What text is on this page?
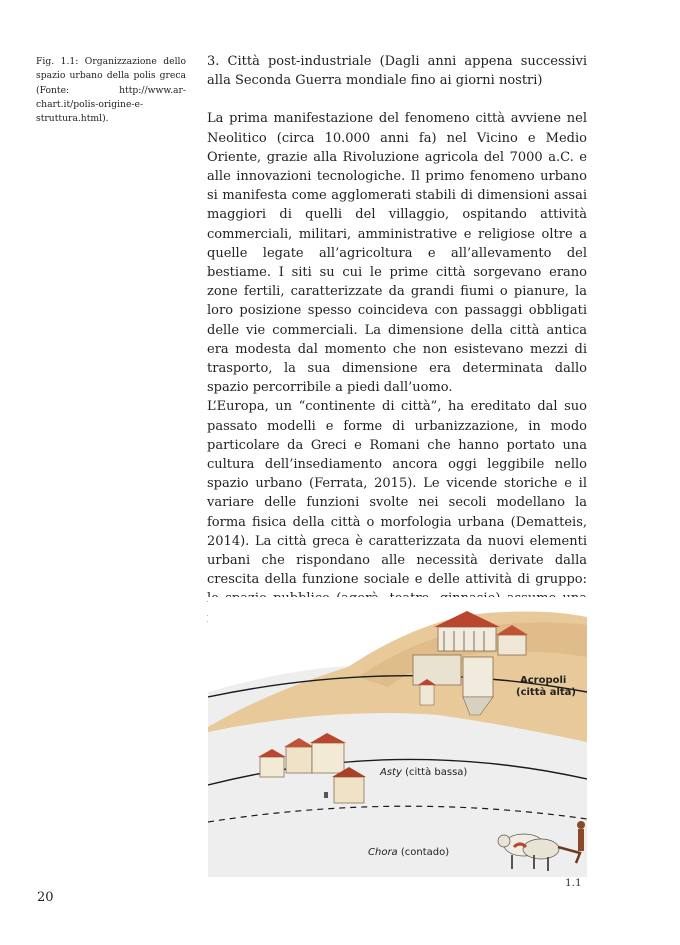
Fig. 1.1: Organizzazione dello spazio urbano della polis greca (Fonte: http://www.ar-chart.it/polis-origine-e-struttura.html).

3. Città post-industriale (Dagli anni appena successivi alla Seconda Guerra mondiale fino ai giorni nostri)

La prima manifestazione del fenomeno città avviene nel Neolitico (circa 10.000 anni fa) nel Vicino e Medio Oriente, grazie alla Rivoluzione agricola del 7000 a.C. e alle innovazioni tecnologiche. Il primo fenomeno urbano si manifesta come agglomerati stabili di dimensioni assai maggiori di quelli del villaggio, ospitando attività commerciali, militari, amministrative e religiose oltre a quelle legate all’agricoltura e all’allevamento del bestiame. I siti su cui le prime città sorgevano erano zone fertili, caratterizzate da grandi fiumi o pianure, la loro posizione spesso coincideva con passaggi obbligati delle vie commerciali. La dimensione della città antica era modesta dal momento che non esistevano mezzi di trasporto, la sua dimensione era determinata dallo spazio percorribile a piedi dall’uomo.

L’Europa, un “continente di città”, ha ereditato dal suo passato modelli e forme di urbanizzazione, in modo particolare da Greci e Romani che hanno portato una cultura dell’insediamento ancora oggi leggibile nello spazio urbano (Ferrata, 2015). Le vicende storiche e il variare delle funzioni svolte nei secoli modellano la forma fisica della città o morfologia urbana (Dematteis, 2014). La città greca è caratterizzata da nuovi elementi urbani che rispondano alle necessità derivate dalla crescita della funzione sociale e delle attività di gruppo:

Acropoli
(città alta)
Asty (città bassa)
Chora (contado)
1.1
20
